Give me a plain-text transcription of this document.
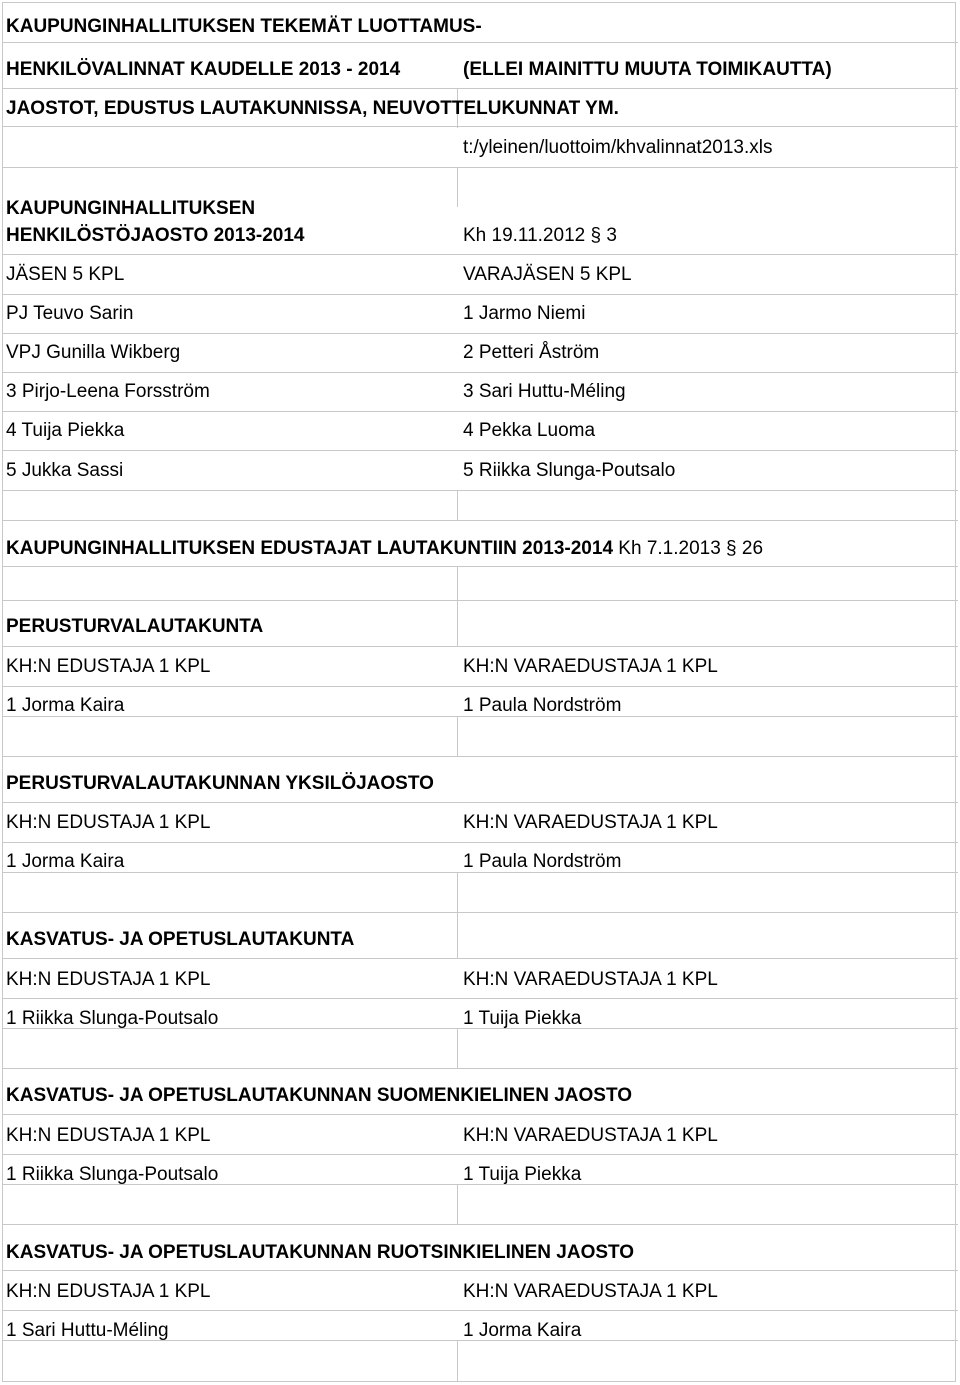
KAUPUNGINHALLITUKSEN TEKEMÄT LUOTTAMUS-
HENKILÖVALINNAT KAUDELLE 2013 - 2014	(ELLEI MAINITTU MUUTA TOIMIKAUTTA)
JAOSTOT, EDUSTUS LAUTAKUNNISSA, NEUVOTTELUKUNNAT YM.
t:/yleinen/luottoim/khvalinnat2013.xls
KAUPUNGINHALLITUKSEN
HENKILÖSTÖJAOSTO 2013-2014	Kh 19.11.2012 § 3
JÄSEN 5 KPL	VARAJÄSEN 5 KPL
PJ Teuvo Sarin	1 Jarmo Niemi
VPJ Gunilla Wikberg	2 Petteri Åström
3 Pirjo-Leena Forsström	3 Sari Huttu-Méling
4 Tuija Piekka	4 Pekka Luoma
5 Jukka Sassi	5 Riikka Slunga-Poutsalo
KAUPUNGINHALLITUKSEN EDUSTAJAT LAUTAKUNTIIN 2013-2014 Kh 7.1.2013 § 26
PERUSTURVALAUTAKUNTA
KH:N EDUSTAJA 1 KPL	KH:N VARAEDUSTAJA 1 KPL
1 Jorma Kaira	1 Paula Nordström
PERUSTURVALAUTAKUNNAN YKSILÖJAOSTO
KH:N EDUSTAJA 1 KPL	KH:N VARAEDUSTAJA 1 KPL
1 Jorma Kaira	1 Paula Nordström
KASVATUS- JA OPETUSLAUTAKUNTA
KH:N EDUSTAJA 1 KPL	KH:N VARAEDUSTAJA 1 KPL
1 Riikka Slunga-Poutsalo	1 Tuija Piekka
KASVATUS- JA OPETUSLAUTAKUNNAN SUOMENKIELINEN JAOSTO
KH:N EDUSTAJA 1 KPL	KH:N VARAEDUSTAJA 1 KPL
1 Riikka Slunga-Poutsalo	1 Tuija Piekka
KASVATUS- JA OPETUSLAUTAKUNNAN RUOTSINKIELINEN JAOSTO
KH:N EDUSTAJA 1 KPL	KH:N VARAEDUSTAJA 1 KPL
1 Sari Huttu-Méling	1 Jorma Kaira
